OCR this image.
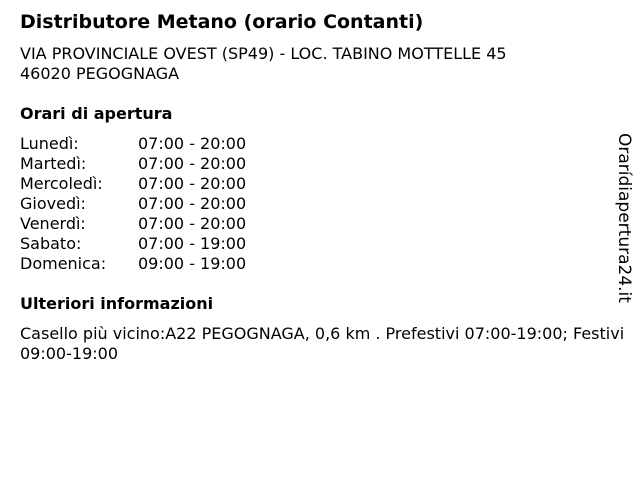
Distributore Metano (orario Contanti)
VIA PROVINCIALE OVEST (SP49) - LOC. TABINO MOTTELLE 45
46020 PEGOGNAGA
Orari di apertura
Lunedì:	07:00 - 20:00
Martedì:	07:00 - 20:00
Mercoledì:	07:00 - 20:00
Giovedì:	07:00 - 20:00
Venerdì:	07:00 - 20:00
Sabato:	07:00 - 19:00
Domenica:	09:00 - 19:00
Ulteriori informazioni
Casello più vicino:A22 PEGOGNAGA, 0,6 km . Prefestivi 07:00-19:00; Festivi 09:00-19:00
Orarídiapertura24.it
